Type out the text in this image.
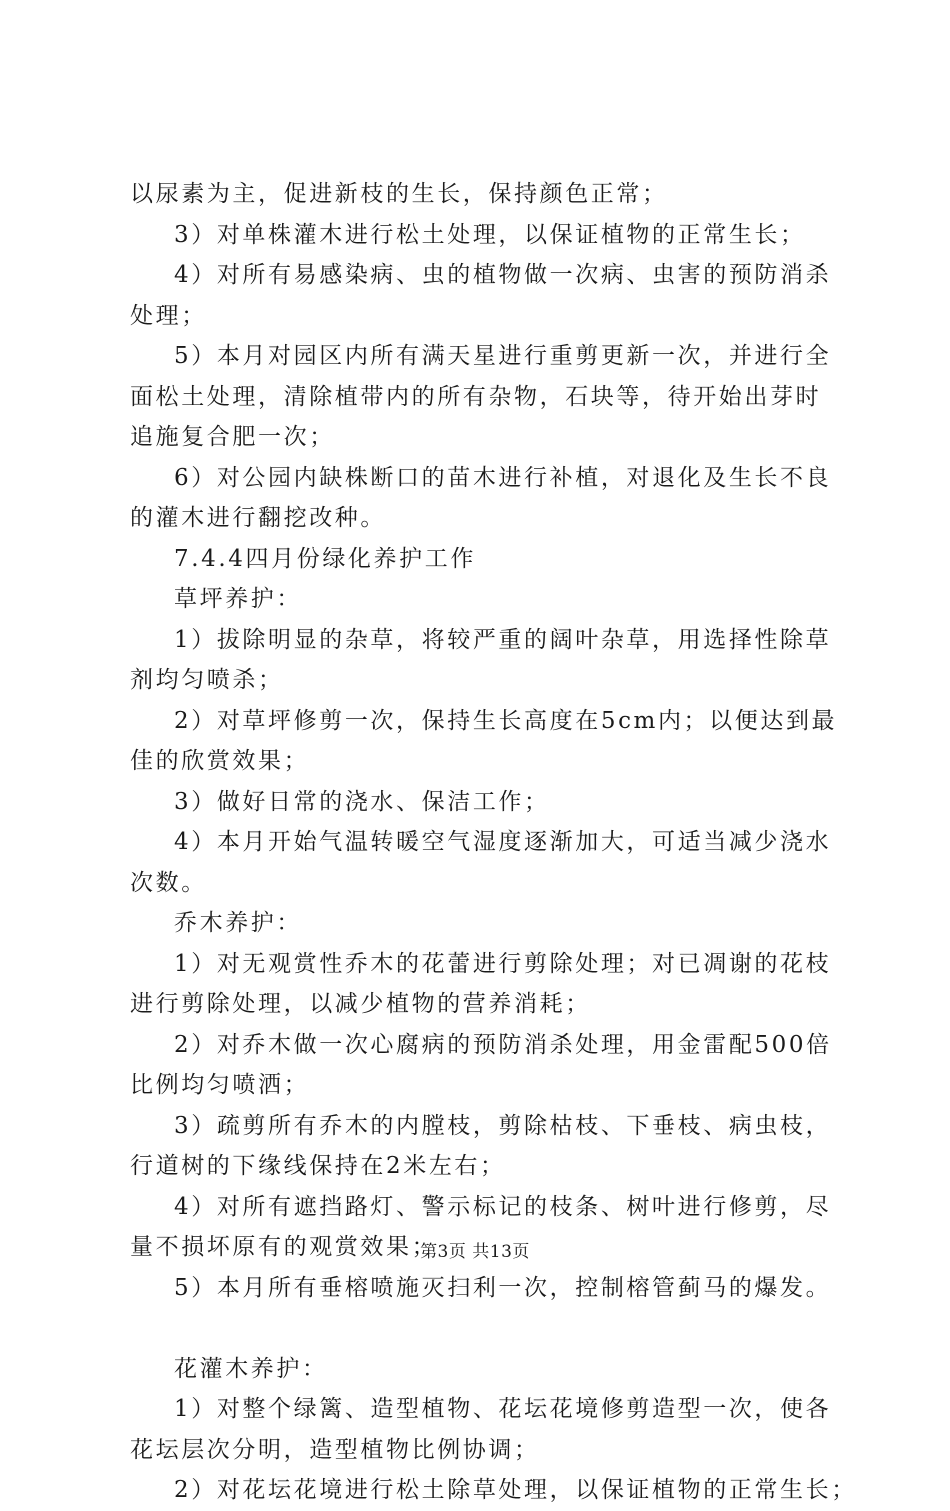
以尿素为主，促进新枝的生长，保持颜色正常；
3）对单株灌木进行松土处理，以保证植物的正常生长；
4）对所有易感染病、虫的植物做一次病、虫害的预防消杀
处理；
5）本月对园区内所有满天星进行重剪更新一次，并进行全
面松土处理，清除植带内的所有杂物，石块等，待开始出芽时
追施复合肥一次；
6）对公园内缺株断口的苗木进行补植，对退化及生长不良
的灌木进行翻挖改种。
7.4.4四月份绿化养护工作
草坪养护：
1）拔除明显的杂草，将较严重的阔叶杂草，用选择性除草
剂均匀喷杀；
2）对草坪修剪一次，保持生长高度在5cm内；以便达到最
佳的欣赏效果；
3）做好日常的浇水、保洁工作；
4）本月开始气温转暖空气湿度逐渐加大，可适当减少浇水
次数。
乔木养护：
1）对无观赏性乔木的花蕾进行剪除处理；对已凋谢的花枝
进行剪除处理，以减少植物的营养消耗；
2）对乔木做一次心腐病的预防消杀处理，用金雷配500倍
比例均匀喷洒；
3）疏剪所有乔木的内膛枝，剪除枯枝、下垂枝、病虫枝，
行道树的下缘线保持在2米左右；
4）对所有遮挡路灯、警示标记的枝条、树叶进行修剪，尽
量不损坏原有的观赏效果；
5）本月所有垂榕喷施灭扫利一次，控制榕管蓟马的爆发。
花灌木养护：
1）对整个绿篱、造型植物、花坛花境修剪造型一次，使各
花坛层次分明，造型植物比例协调；
2）对花坛花境进行松土除草处理，以保证植物的正常生长；
第3页 共13页
